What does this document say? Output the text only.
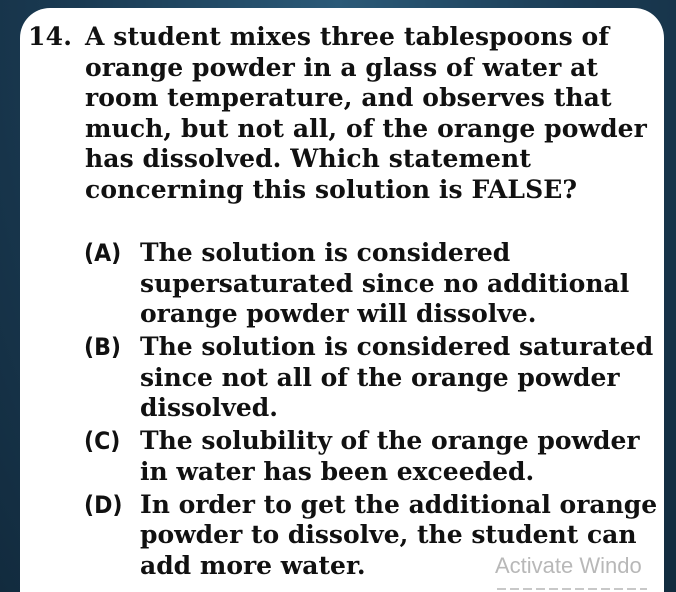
14. A student mixes three tablespoons of
orange powder in a glass of water at
room temperature, and observes that
much, but not all, of the orange powder
has dissolved. Which statement
concerning this solution is FALSE?

(A) The solution is considered
supersaturated since no additional
orange powder will dissolve.
(B) The solution is considered saturated
since not all of the orange powder
dissolved.
(C) The solubility of the orange powder
in water has been exceeded.
(D) In order to get the additional orange
powder to dissolve, the student can
add more water.	Activate Windo
